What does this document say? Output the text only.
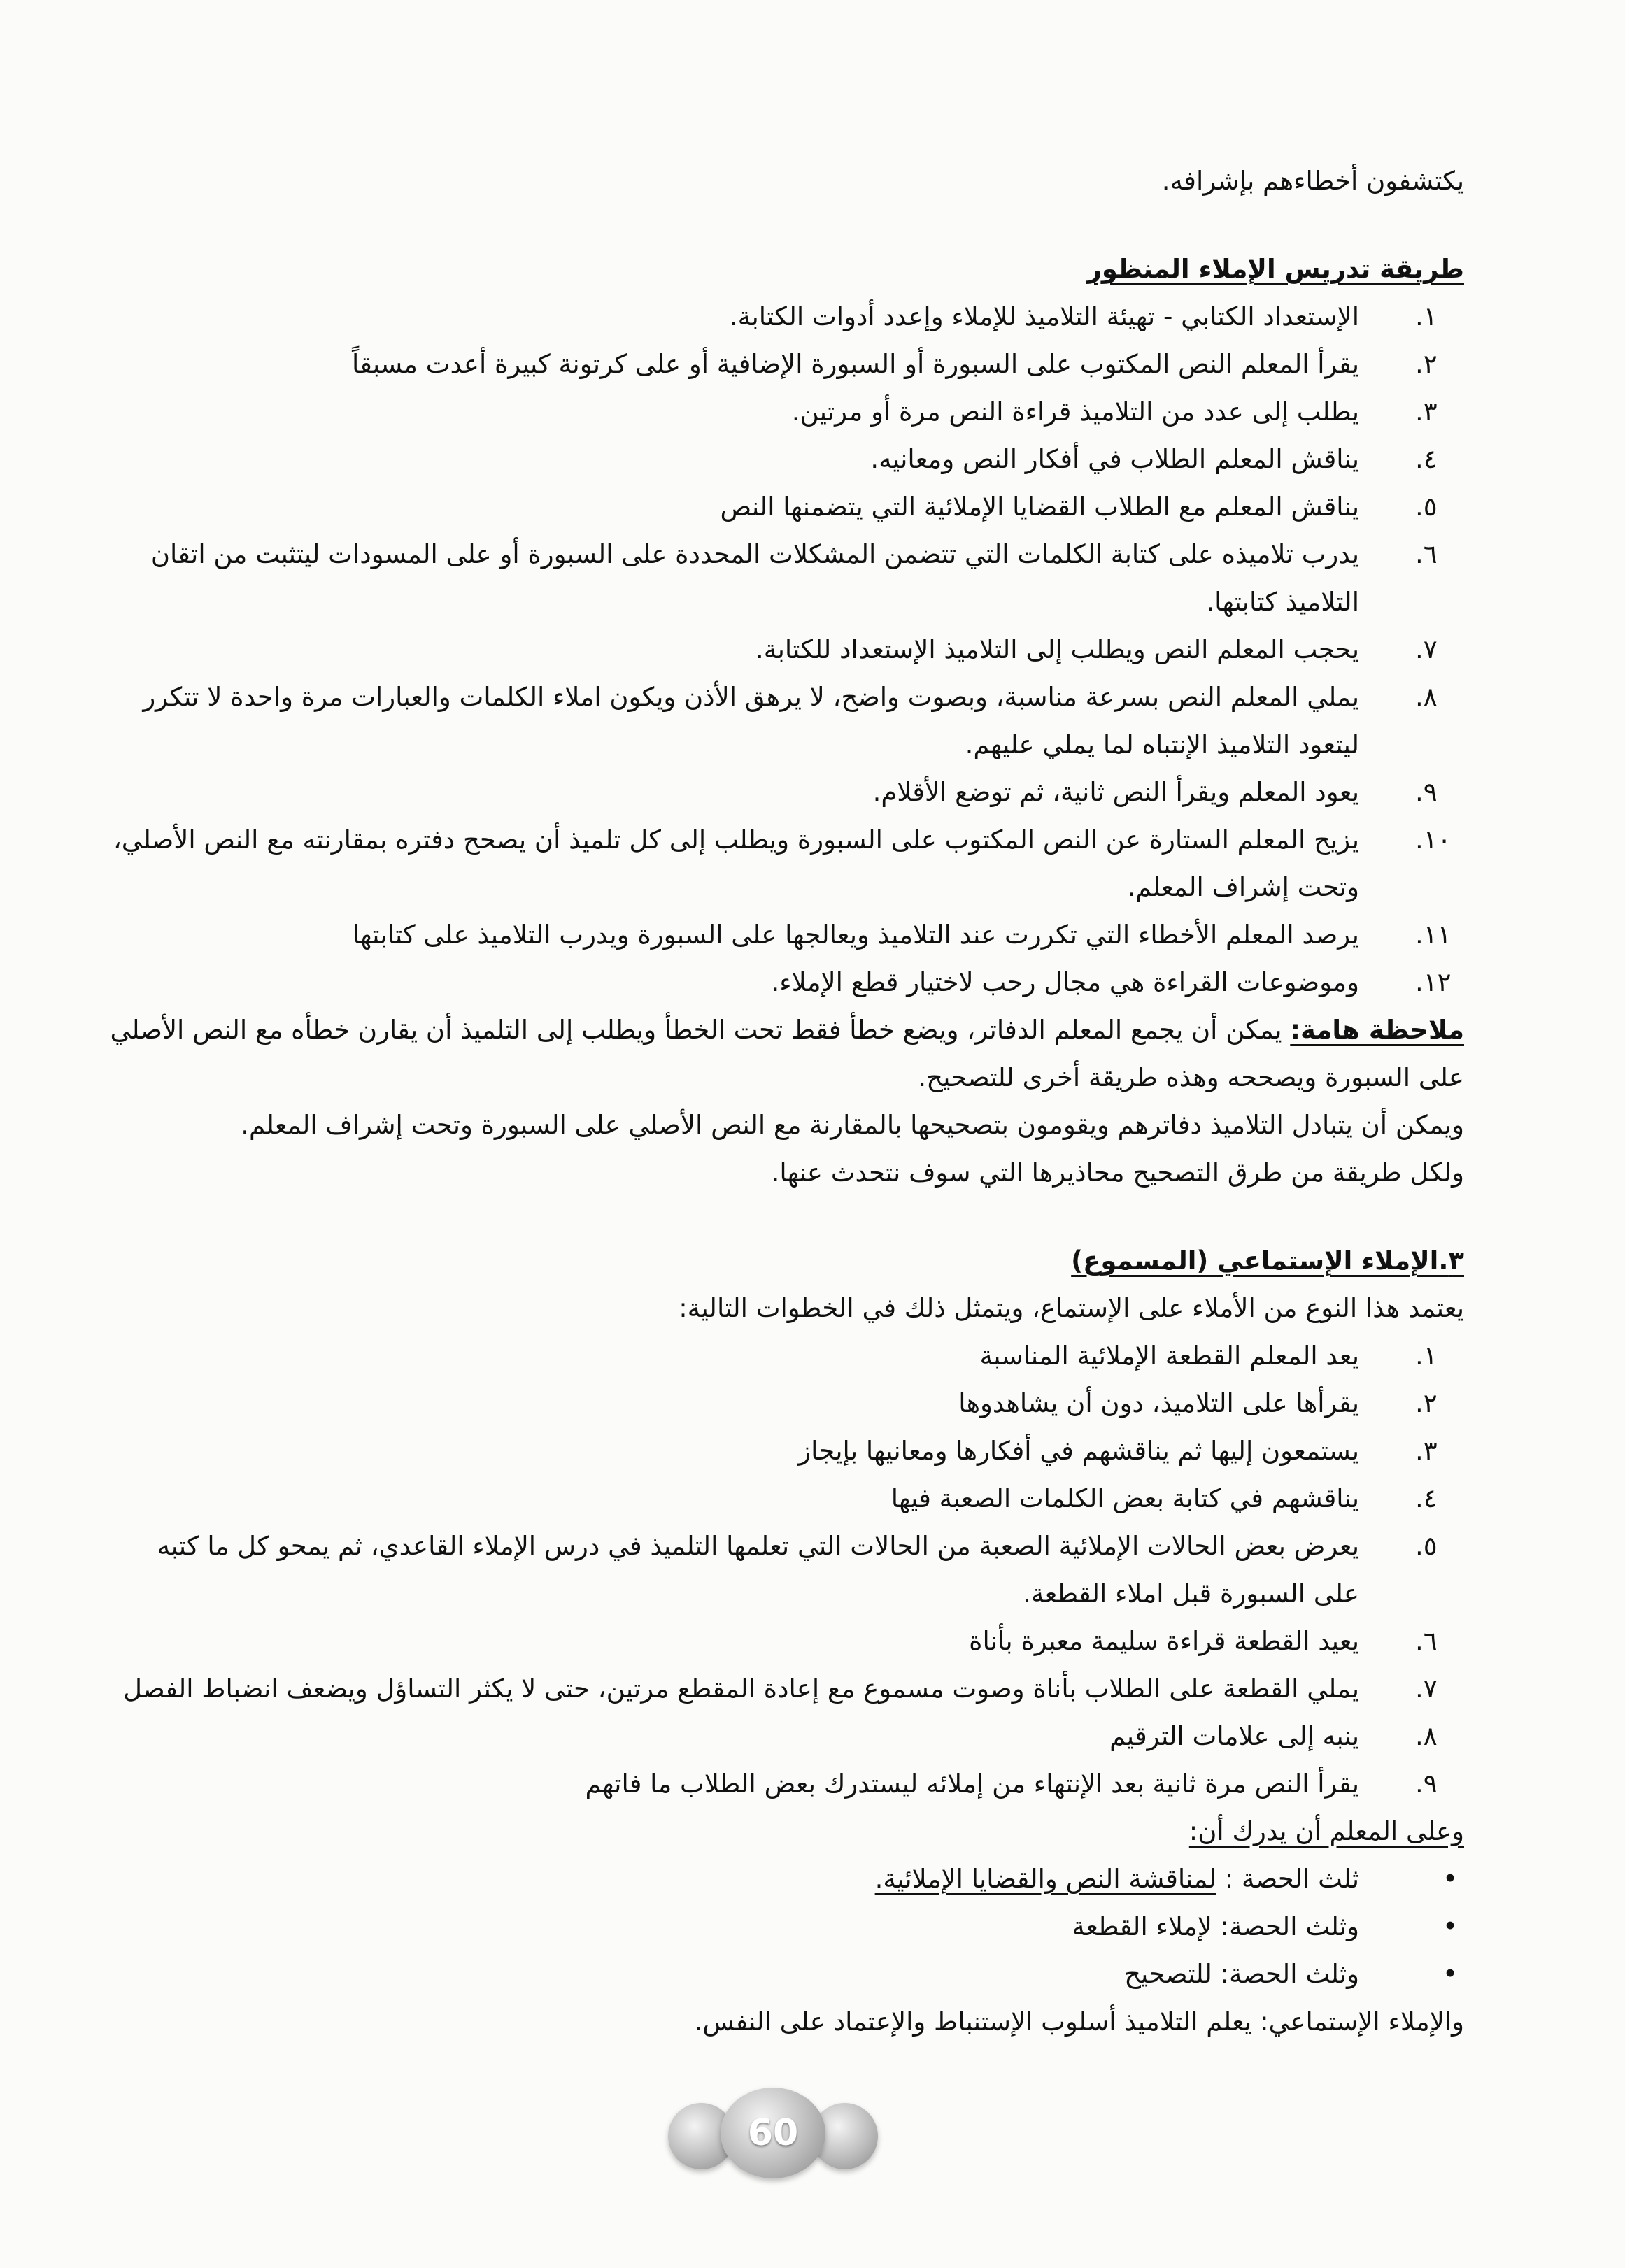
يكتشفون أخطاءهم بإشرافه.

طريقة تدريس الإملاء المنظور

١.
الإستعداد الكتابي - تهيئة التلاميذ للإملاء وإعدد أدوات الكتابة.
٢.
يقرأ المعلم النص المكتوب على السبورة أو السبورة الإضافية أو على كرتونة كبيرة أعدت مسبقاً
٣.
يطلب إلى عدد من التلاميذ قراءة النص مرة أو مرتين.
٤.
يناقش المعلم الطلاب في أفكار النص ومعانيه.
٥.
يناقش المعلم مع الطلاب القضايا الإملائية التي يتضمنها النص
٦.
يدرب تلاميذه على كتابة الكلمات التي تتضمن المشكلات المحددة على السبورة أو على المسودات ليتثبت من اتقان التلاميذ كتابتها.
٧.
يحجب المعلم النص ويطلب إلى التلاميذ الإستعداد للكتابة.
٨.
يملي المعلم النص بسرعة مناسبة، وبصوت واضح، لا يرهق الأذن ويكون املاء الكلمات والعبارات مرة واحدة لا تتكرر ليتعود التلاميذ الإنتباه لما يملي عليهم.
٩.
يعود المعلم ويقرأ النص ثانية، ثم توضع الأقلام.
١٠.
يزيح المعلم الستارة عن النص المكتوب على السبورة ويطلب إلى كل تلميذ أن يصحح دفتره بمقارنته مع النص الأصلي، وتحت إشراف المعلم.
١١.
يرصد المعلم الأخطاء التي تكررت عند التلاميذ ويعالجها على السبورة ويدرب التلاميذ على كتابتها
١٢.
وموضوعات القراءة هي مجال رحب لاختيار قطع الإملاء.

ملاحظة هامة: يمكن أن يجمع المعلم الدفاتر، ويضع خطأ فقط تحت الخطأ ويطلب إلى التلميذ أن يقارن خطأه مع النص الأصلي على السبورة ويصححه وهذه طريقة أخرى للتصحيح.

ويمكن أن يتبادل التلاميذ دفاترهم ويقومون بتصحيحها بالمقارنة مع النص الأصلي على السبورة وتحت إشراف المعلم.

ولكل طريقة من طرق التصحيح محاذيرها التي سوف نتحدث عنها.

٣.الإملاء الإستماعي (المسموع)

يعتمد هذا النوع من الأملاء على الإستماع، ويتمثل ذلك في الخطوات التالية:

١.
يعد المعلم القطعة الإملائية المناسبة
٢.
يقرأها على التلاميذ، دون أن يشاهدوها
٣.
يستمعون إليها ثم يناقشهم في أفكارها ومعانيها بإيجاز
٤.
يناقشهم في كتابة بعض الكلمات الصعبة فيها
٥.
يعرض بعض الحالات الإملائية الصعبة من الحالات التي تعلمها التلميذ في درس الإملاء القاعدي، ثم يمحو كل ما كتبه على السبورة قبل املاء القطعة.
٦.
يعيد القطعة قراءة سليمة معبرة بأناة
٧.
يملي القطعة على الطلاب بأناة وصوت مسموع مع إعادة المقطع مرتين، حتى لا يكثر التساؤل ويضعف انضباط الفصل
٨.
ينبه إلى علامات الترقيم
٩.
يقرأ النص مرة ثانية بعد الإنتهاء من إملائه ليستدرك بعض الطلاب ما فاتهم

وعلى المعلم أن يدرك أن:

•
ثلث الحصة : لمناقشة النص والقضايا الإملائية.
•
وثلث الحصة: لإملاء القطعة
•
وثلث الحصة: للتصحيح

والإملاء الإستماعي: يعلم التلاميذ أسلوب الإستنباط والإعتماد على النفس.

60
